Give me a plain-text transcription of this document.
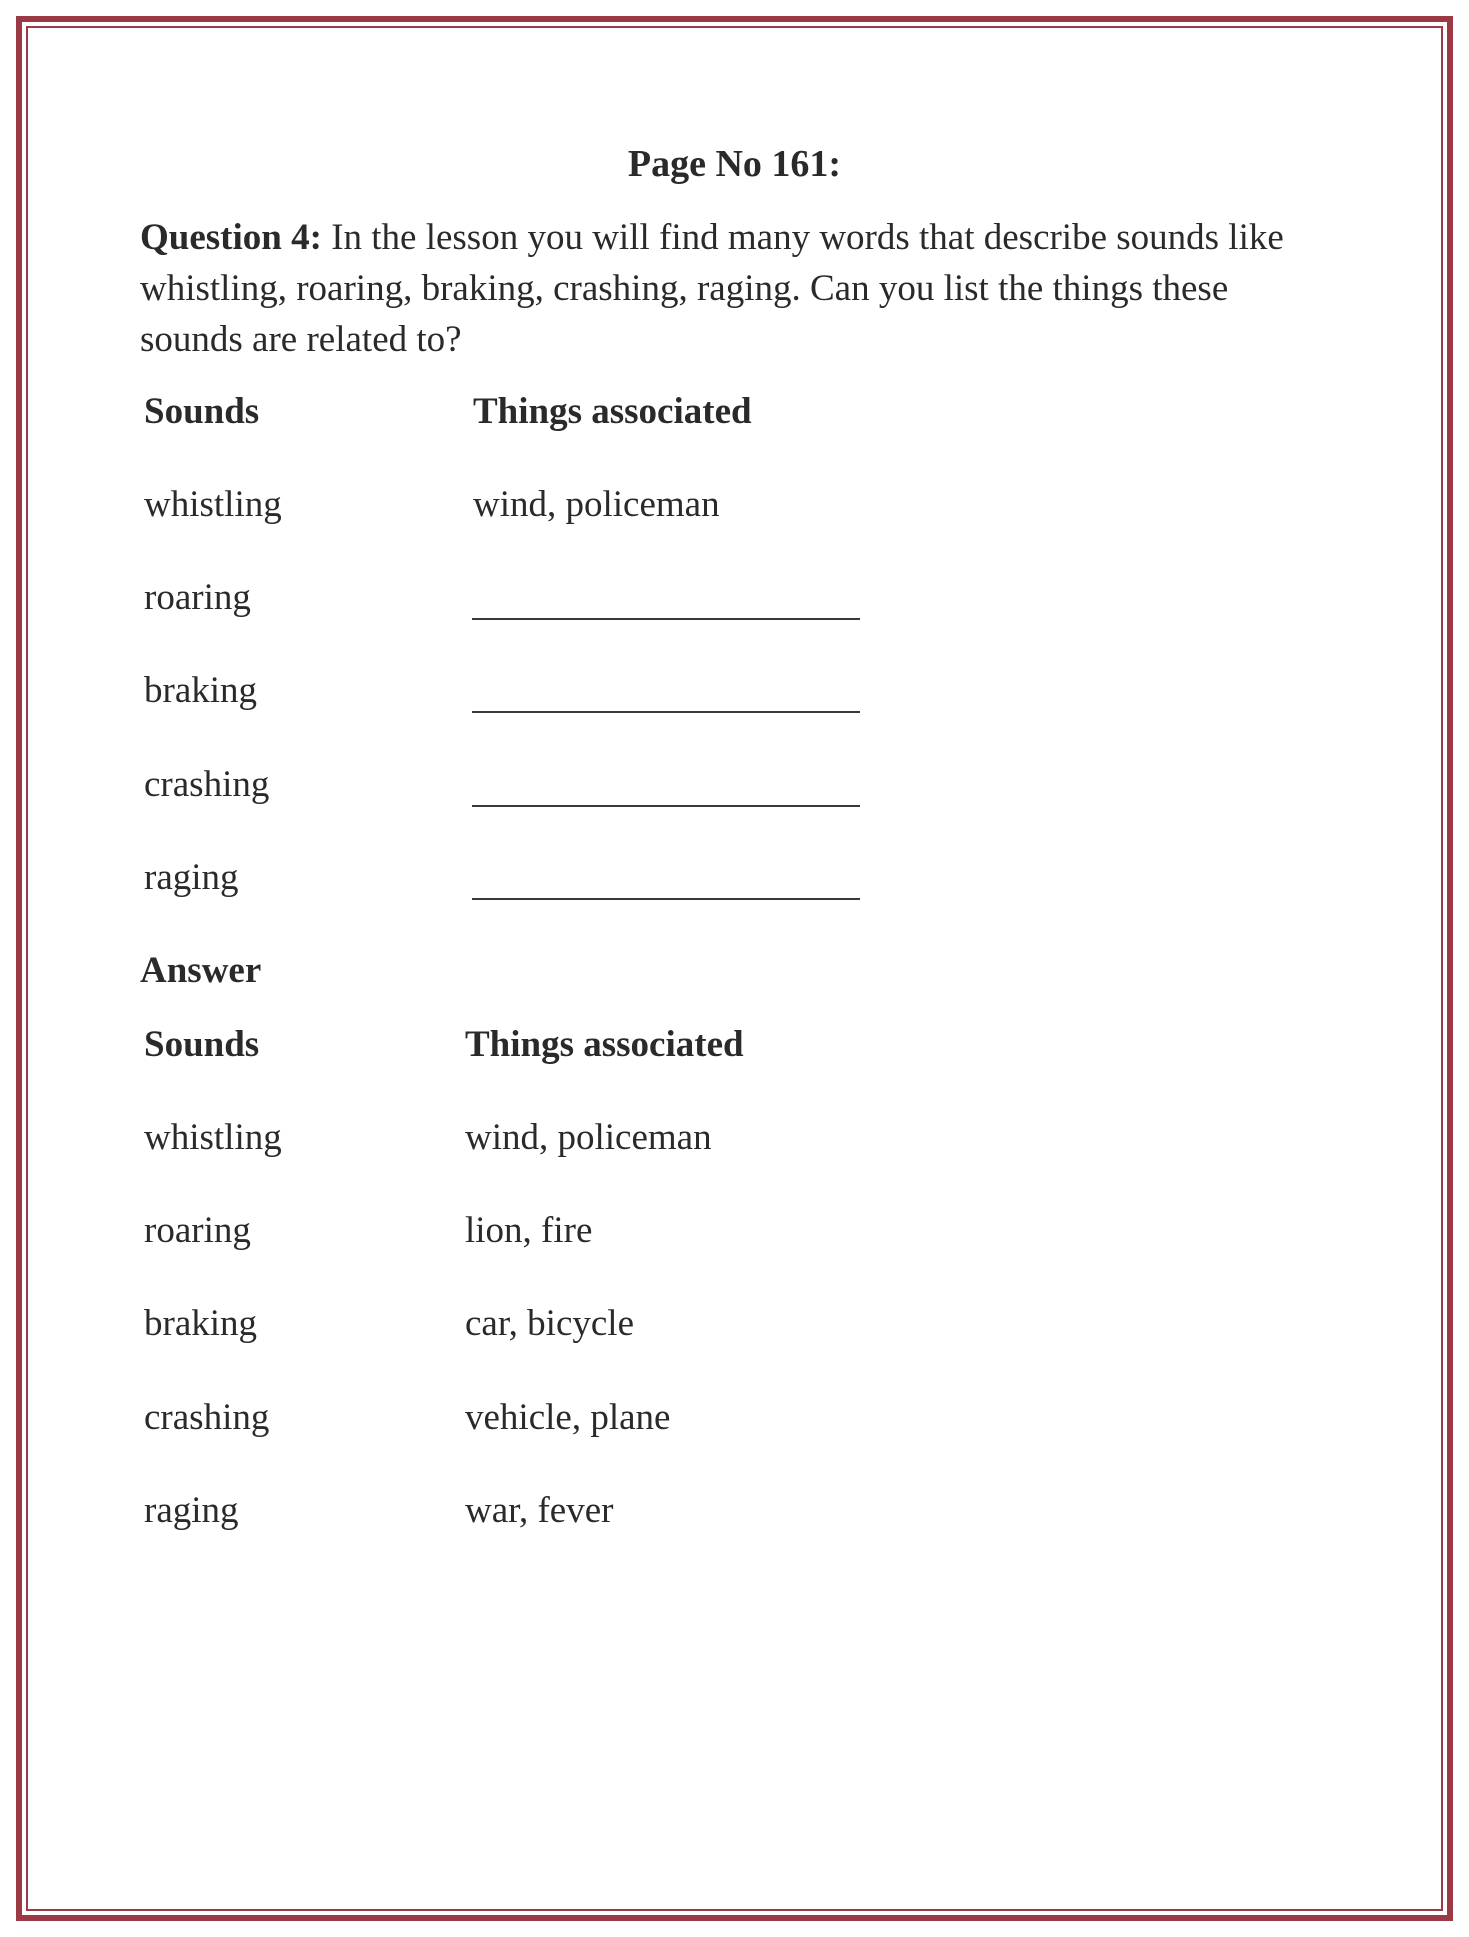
Page No 161:
Question 4: In the lesson you will find many words that describe sounds like whistling, roaring, braking, crashing, raging. Can you list the things these sounds are related to?
Sounds	Things associated
whistling	wind, policeman
roaring
braking
crashing
raging
Answer
Sounds	Things associated
whistling	wind, policeman
roaring	lion, fire
braking	car, bicycle
crashing	vehicle, plane
raging	war, fever
